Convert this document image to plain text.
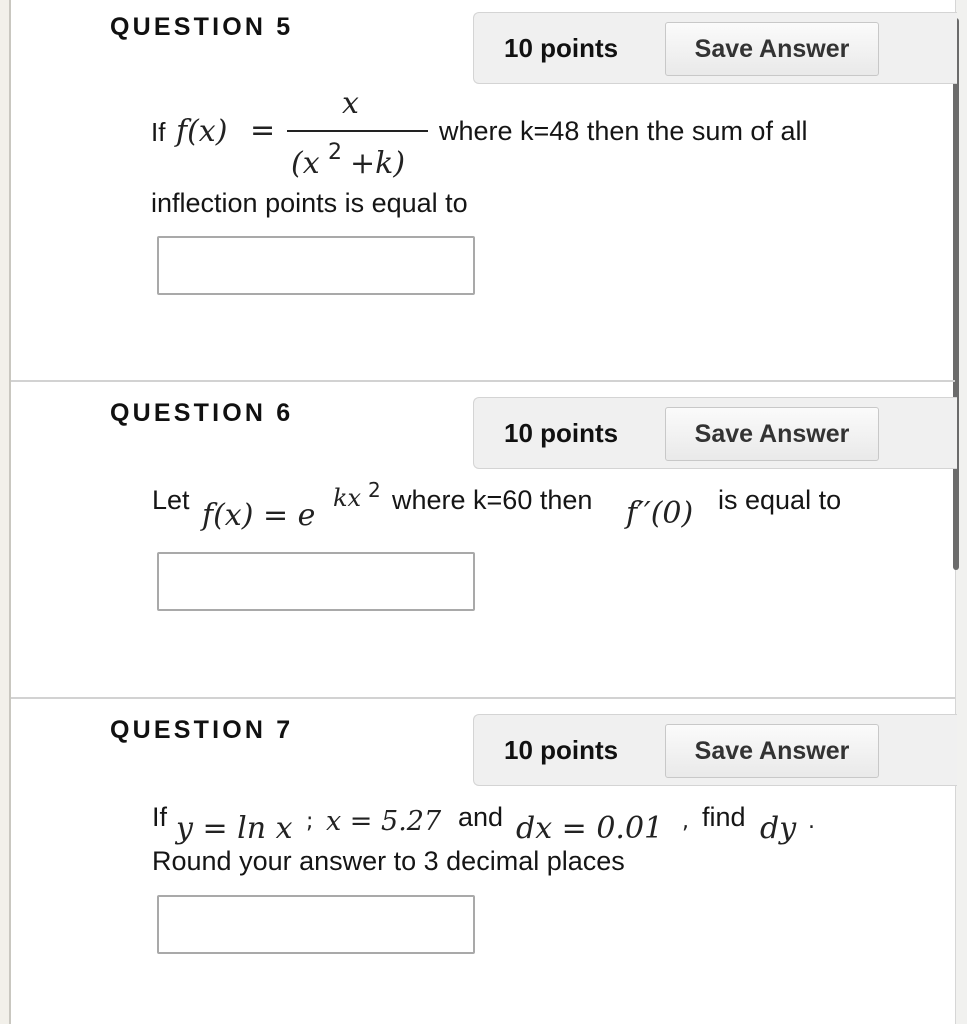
QUESTION 5
10 points	Save Answer
If f(x) =
x
(x 2 +k)
where k=48 then the sum of all
inflection points is equal to
QUESTION 6
10 points	Save Answer
Let f(x) = e kx 2 where k=60 then f′′(0) is equal to
QUESTION 7
10 points	Save Answer
If y = ln x ; x = 5.27 and dx = 0.01 , find dy .
Round your answer to 3 decimal places
